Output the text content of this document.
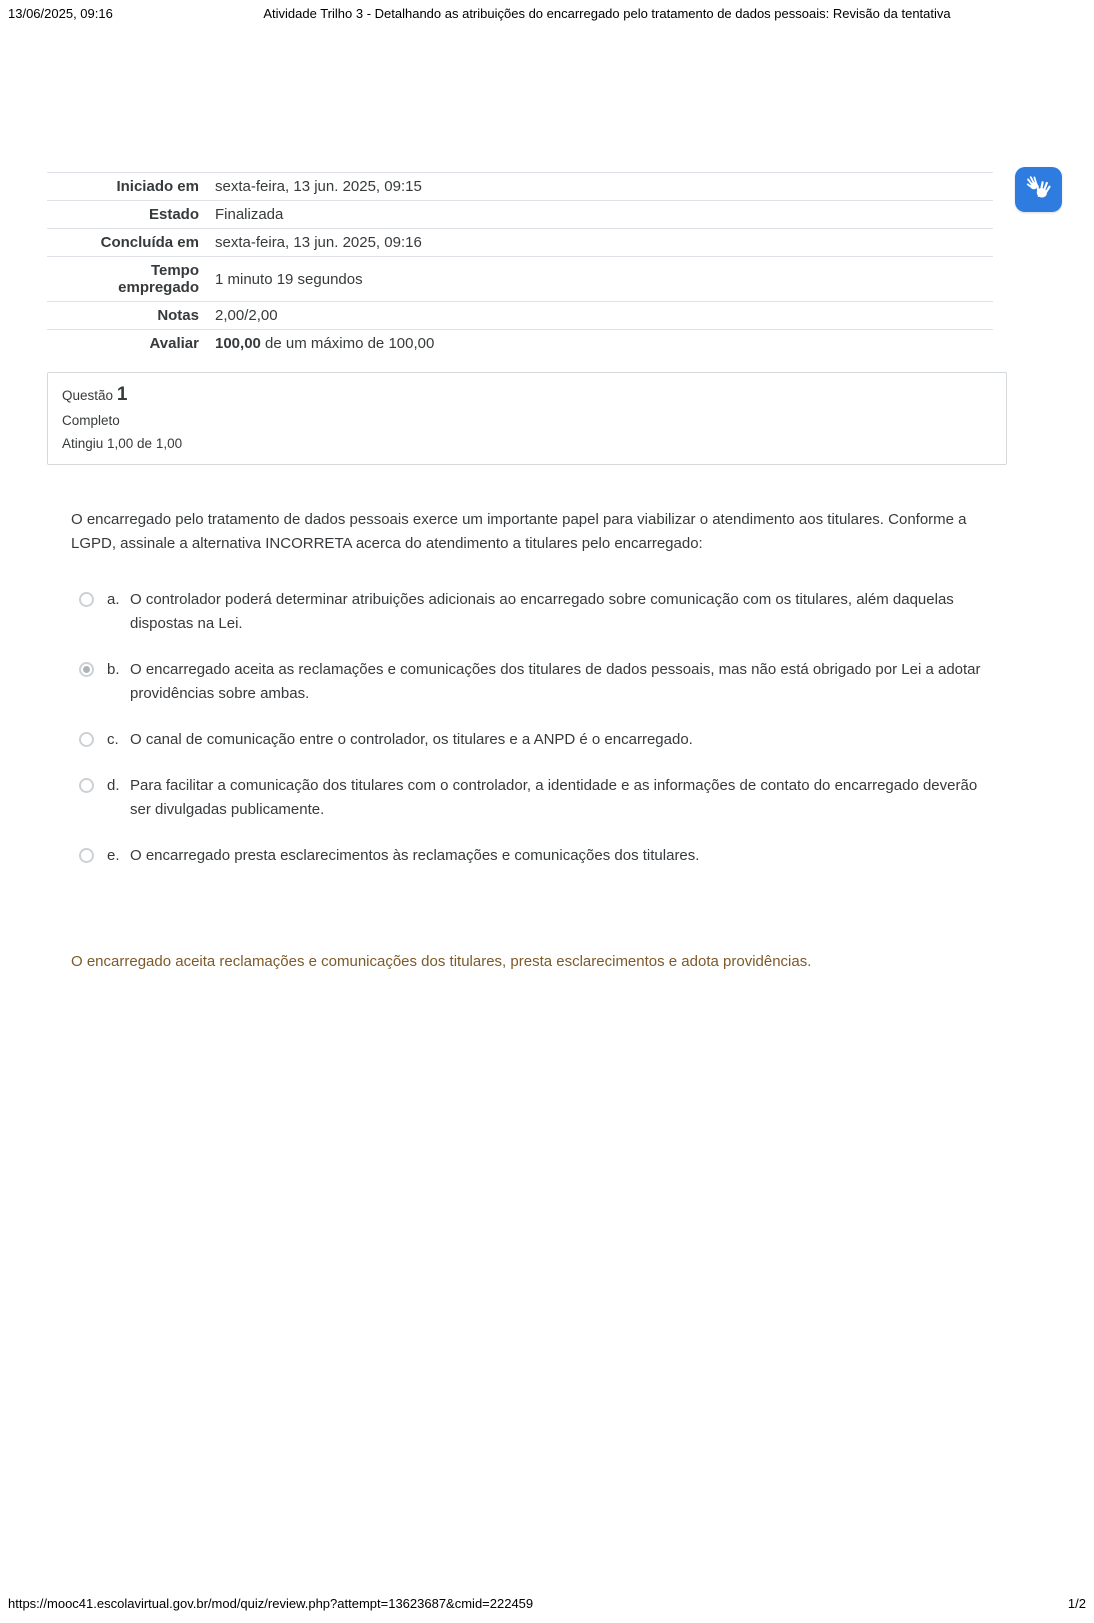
13/06/2025, 09:16	Atividade Trilho 3 - Detalhando as atribuições do encarregado pelo tratamento de dados pessoais: Revisão da tentativa
Iniciado em	sexta-feira, 13 jun. 2025, 09:15
Estado	Finalizada
Concluída em	sexta-feira, 13 jun. 2025, 09:16
Tempo empregado	1 minuto 19 segundos
Notas	2,00/2,00
Avaliar	100,00 de um máximo de 100,00
Questão 1
Completo
Atingiu 1,00 de 1,00
O encarregado pelo tratamento de dados pessoais exerce um importante papel para viabilizar o atendimento aos titulares. Conforme a LGPD, assinale a alternativa INCORRETA acerca do atendimento a titulares pelo encarregado:
a. O controlador poderá determinar atribuições adicionais ao encarregado sobre comunicação com os titulares, além daquelas dispostas na Lei.
b. O encarregado aceita as reclamações e comunicações dos titulares de dados pessoais, mas não está obrigado por Lei a adotar providências sobre ambas.
c. O canal de comunicação entre o controlador, os titulares e a ANPD é o encarregado.
d. Para facilitar a comunicação dos titulares com o controlador, a identidade e as informações de contato do encarregado deverão ser divulgadas publicamente.
e. O encarregado presta esclarecimentos às reclamações e comunicações dos titulares.
O encarregado aceita reclamações e comunicações dos titulares, presta esclarecimentos e adota providências.
https://mooc41.escolavirtual.gov.br/mod/quiz/review.php?attempt=13623687&cmid=222459	1/2
